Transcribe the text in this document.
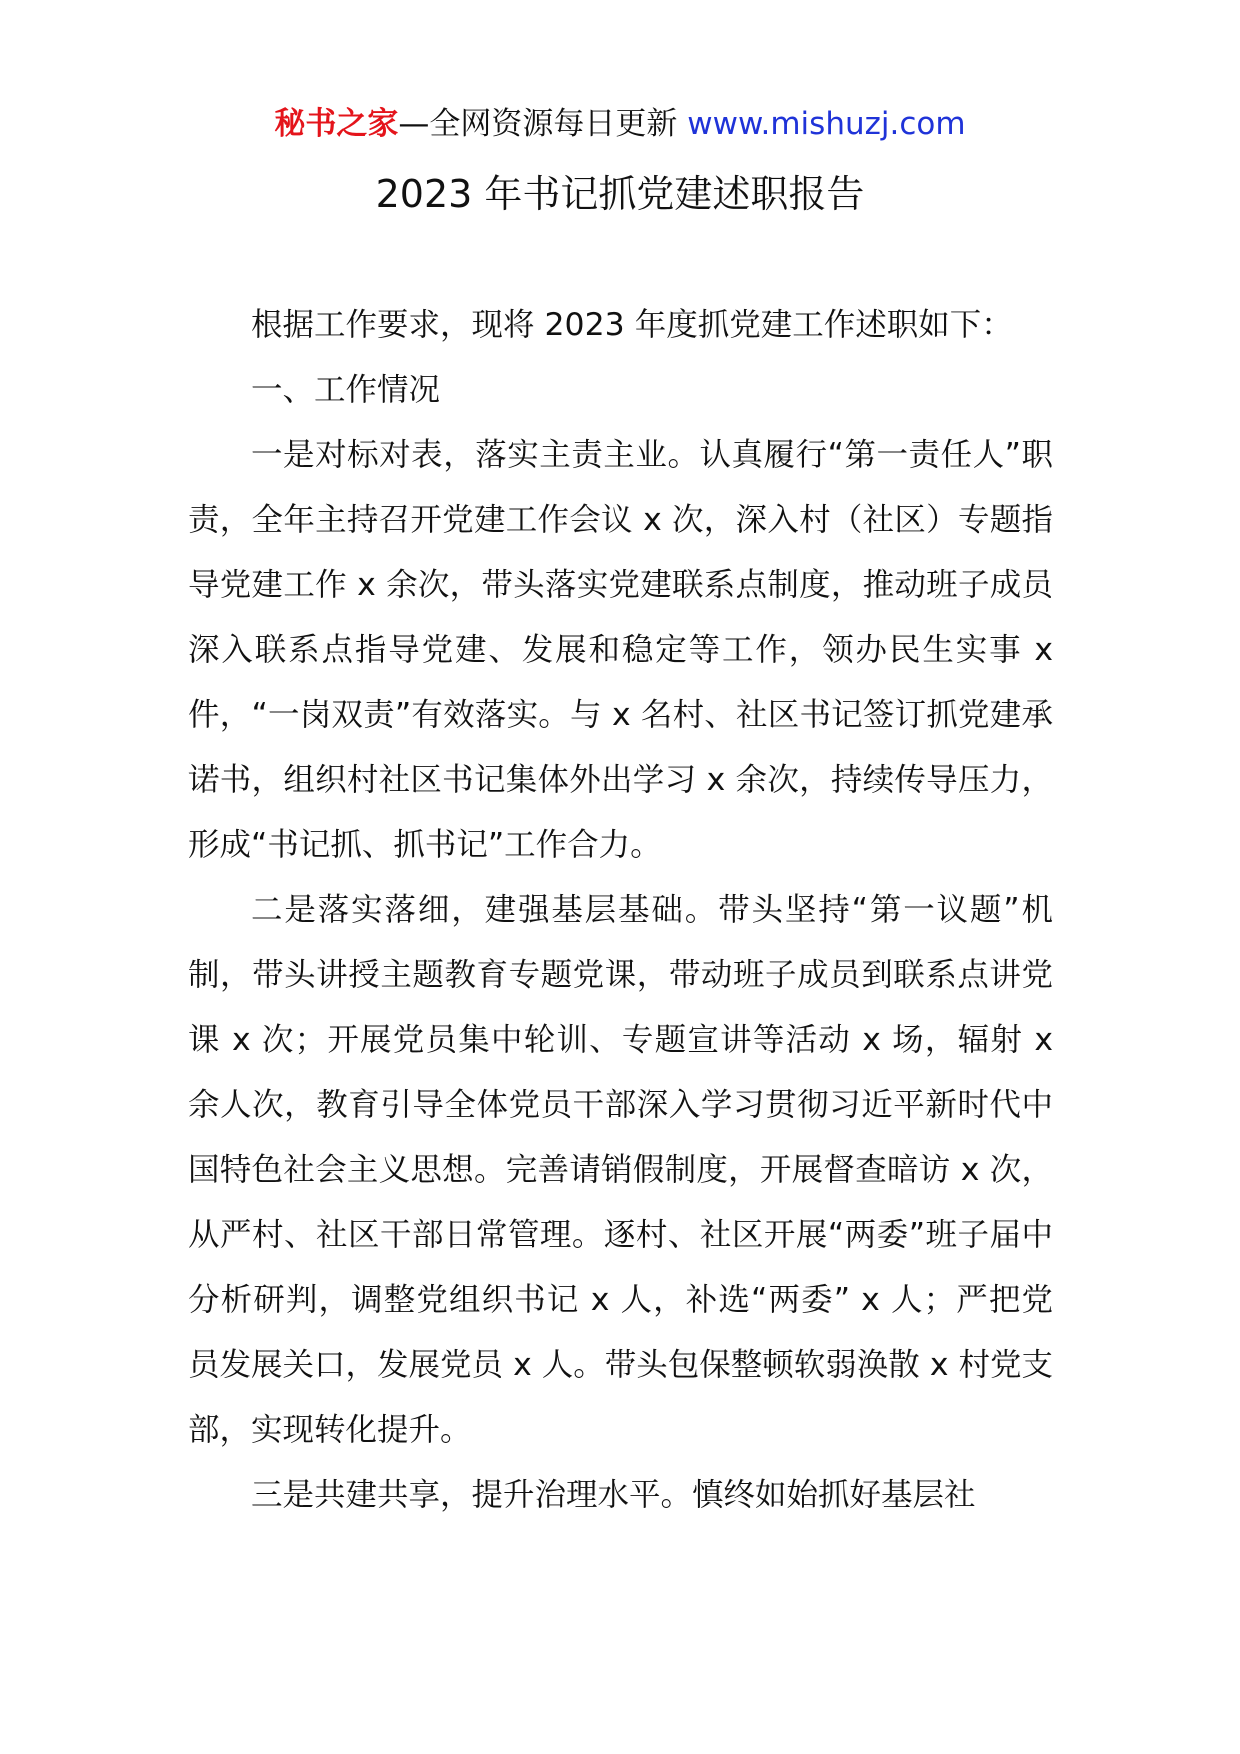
秘书之家—全网资源每日更新 www.mishuzj.com
2023 年书记抓党建述职报告

根据工作要求，现将 2023 年度抓党建工作述职如下：

一、工作情况

一是对标对表，落实主责主业。认真履行“第一责任人”职责，全年主持召开党建工作会议 x 次，深入村（社区）专题指导党建工作 x 余次，带头落实党建联系点制度，推动班子成员深入联系点指导党建、发展和稳定等工作，领办民生实事 x 件，“一岗双责”有效落实。与 x 名村、社区书记签订抓党建承诺书，组织村社区书记集体外出学习 x 余次，持续传导压力，形成“书记抓、抓书记”工作合力。

二是落实落细，建强基层基础。带头坚持“第一议题”机制，带头讲授主题教育专题党课，带动班子成员到联系点讲党课 x 次；开展党员集中轮训、专题宣讲等活动 x 场，辐射 x 余人次，教育引导全体党员干部深入学习贯彻习近平新时代中国特色社会主义思想。完善请销假制度，开展督查暗访 x 次，从严村、社区干部日常管理。逐村、社区开展“两委”班子届中分析研判，调整党组织书记 x 人，补选“两委” x 人；严把党员发展关口，发展党员 x 人。带头包保整顿软弱涣散 x 村党支部，实现转化提升。

三是共建共享，提升治理水平。慎终如始抓好基层社
